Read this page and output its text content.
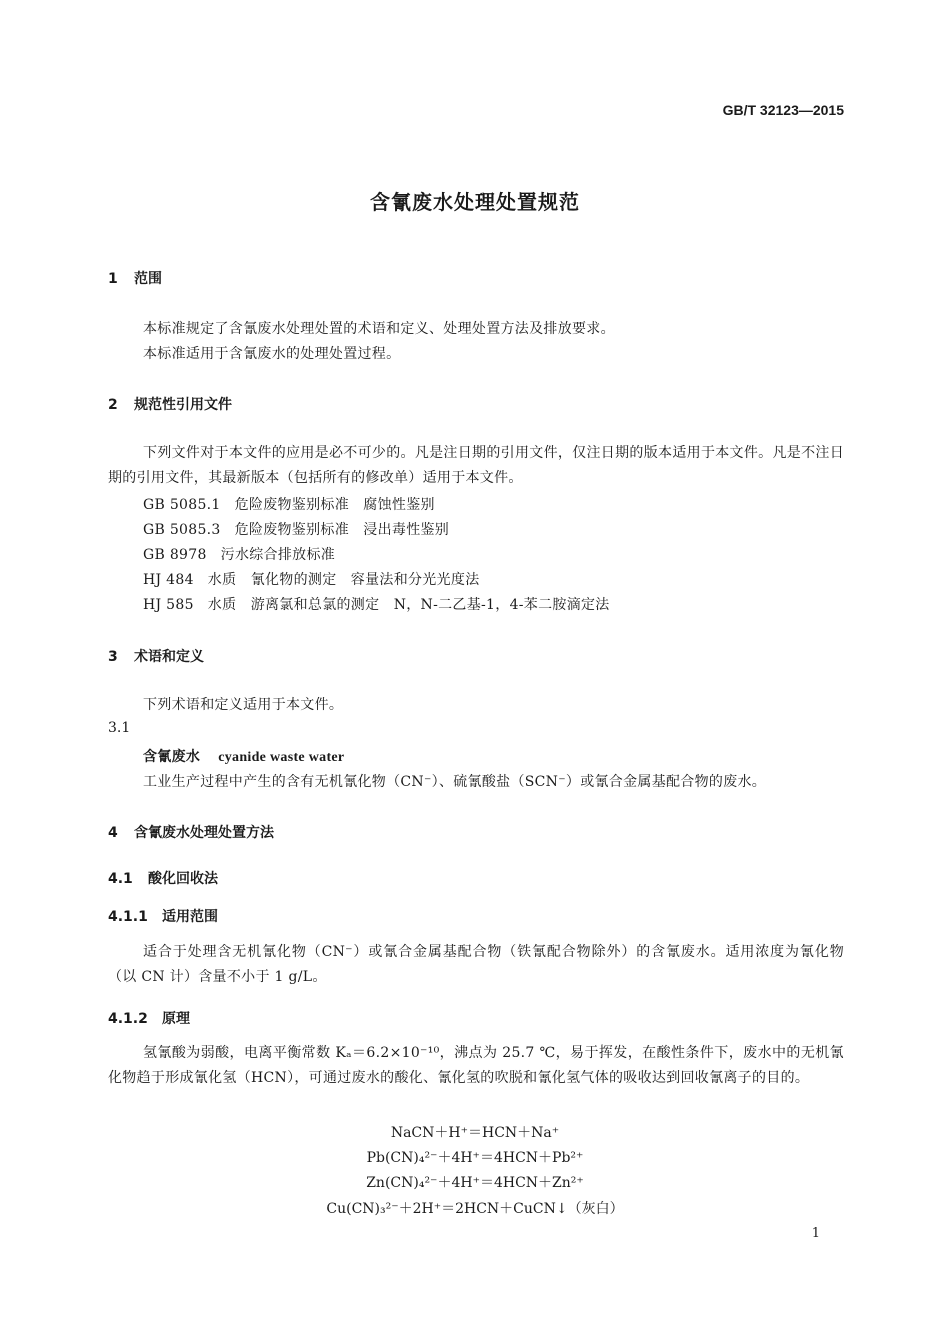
GB/T 32123—2015
含氰废水处理处置规范
1 范围
本标准规定了含氰废水处理处置的术语和定义、处理处置方法及排放要求。
本标准适用于含氰废水的处理处置过程。
2 规范性引用文件
下列文件对于本文件的应用是必不可少的。凡是注日期的引用文件，仅注日期的版本适用于本文件。凡是不注日期的引用文件，其最新版本（包括所有的修改单）适用于本文件。
GB 5085.1 危险废物鉴别标准　腐蚀性鉴别
GB 5085.3 危险废物鉴别标准　浸出毒性鉴别
GB 8978 污水综合排放标准
HJ 484 水质　氰化物的测定　容量法和分光光度法
HJ 585 水质　游离氯和总氯的测定　N，N-二乙基-1，4-苯二胺滴定法
3 术语和定义
下列术语和定义适用于本文件。
3.1
含氰废水 cyanide waste water
工业生产过程中产生的含有无机氰化物（CN⁻）、硫氰酸盐（SCN⁻）或氰合金属基配合物的废水。
4 含氰废水处理处置方法
4.1 酸化回收法
4.1.1 适用范围
适合于处理含无机氰化物（CN⁻）或氰合金属基配合物（铁氰配合物除外）的含氰废水。适用浓度为氰化物（以 CN 计）含量不小于 1 g/L。
4.1.2 原理
氢氰酸为弱酸，电离平衡常数 Kₐ＝6.2×10⁻¹⁰，沸点为 25.7 ℃，易于挥发，在酸性条件下，废水中的无机氰化物趋于形成氰化氢（HCN），可通过废水的酸化、氰化氢的吹脱和氰化氢气体的吸收达到回收氰离子的目的。
NaCN＋H⁺＝HCN＋Na⁺
Pb(CN)₄²⁻＋4H⁺＝4HCN＋Pb²⁺
Zn(CN)₄²⁻＋4H⁺＝4HCN＋Zn²⁺
Cu(CN)₃²⁻＋2H⁺＝2HCN＋CuCN↓（灰白）
1
